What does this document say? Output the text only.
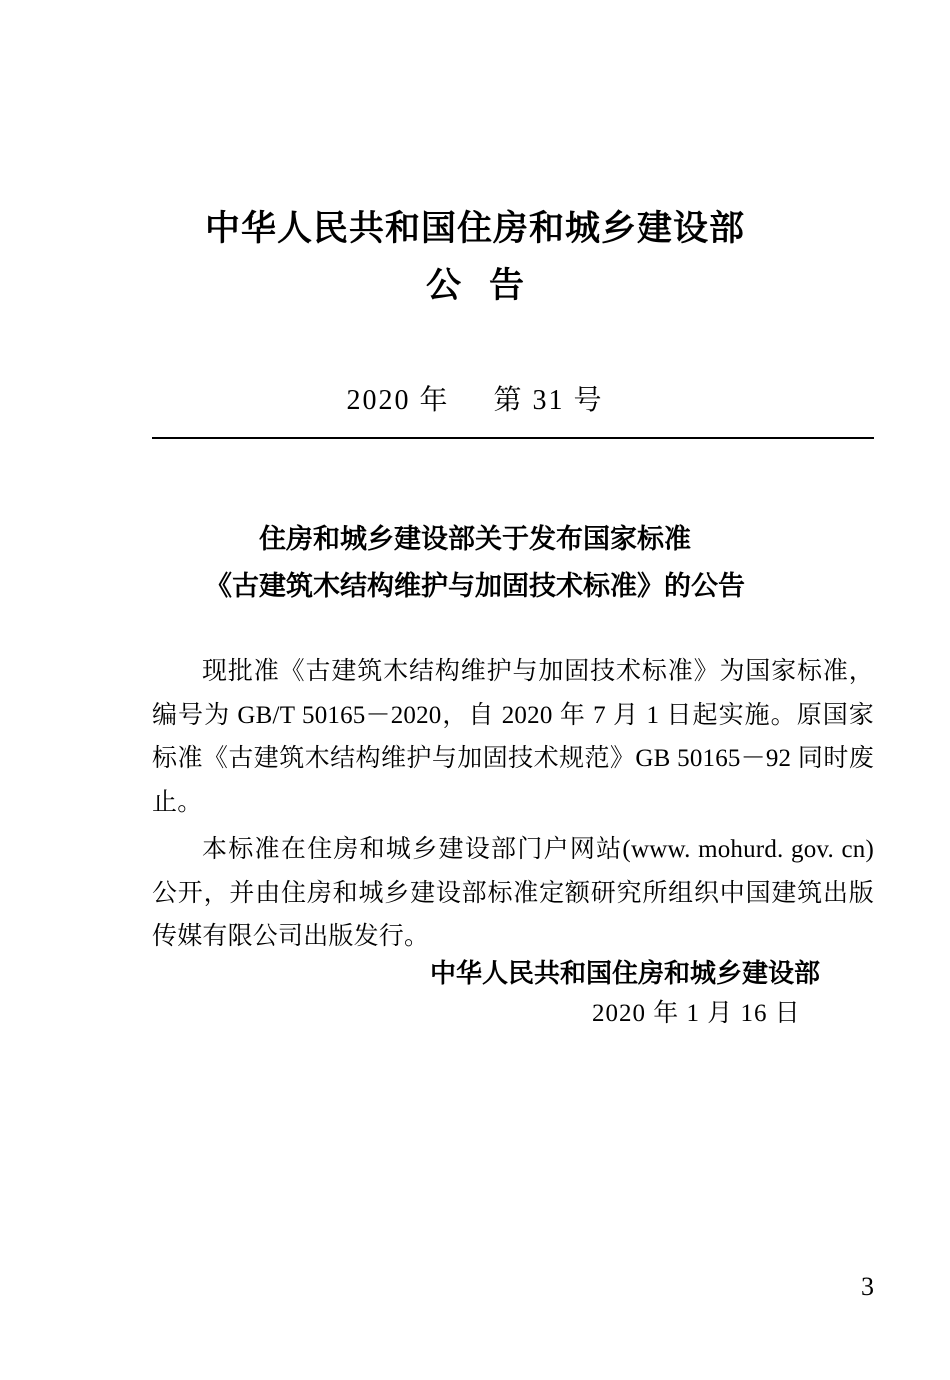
中华人民共和国住房和城乡建设部
公告
2020 年 第 31 号
住房和城乡建设部关于发布国家标准
《古建筑木结构维护与加固技术标准》的公告

现批准《古建筑木结构维护与加固技术标准》为国家标准，编号为 GB/T 50165－2020，自 2020 年 7 月 1 日起实施。原国家标准《古建筑木结构维护与加固技术规范》GB 50165－92 同时废止。

本标准在住房和城乡建设部门户网站(www. mohurd. gov. cn)公开，并由住房和城乡建设部标准定额研究所组织中国建筑出版传媒有限公司出版发行。

中华人民共和国住房和城乡建设部
2020 年 1 月 16 日
3
